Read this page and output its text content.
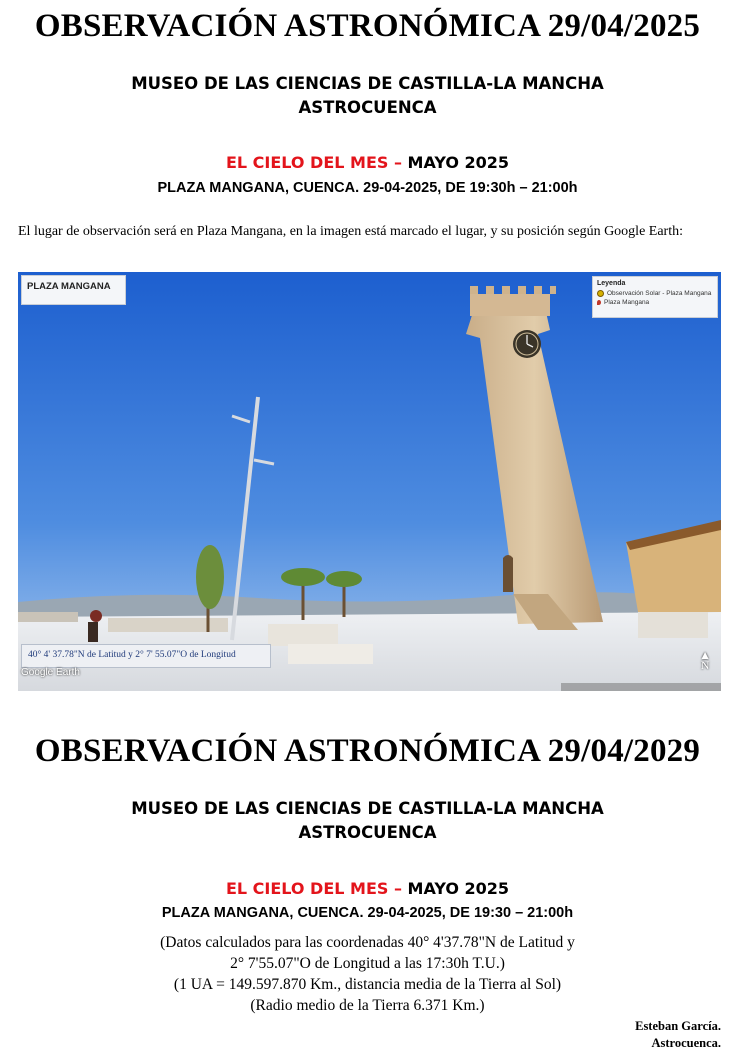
OBSERVACIÓN ASTRONÓMICA 29/04/2025
MUSEO DE LAS CIENCIAS DE CASTILLA-LA MANCHA
ASTROCUENCA
EL CIELO DEL MES – MAYO 2025
PLAZA MANGANA, CUENCA. 29-04-2025, DE 19:30h – 21:00h
El lugar de observación será en Plaza Mangana, en la imagen está marcado el lugar, y su posición según Google Earth:
PLAZA MANGANA	Leyenda
Observación Solar - Plaza Mangana
Plaza Mangana
40° 4' 37.78"N de Latitud y 2° 7' 55.07"O de Longitud
Google Earth
▲
N
OBSERVACIÓN ASTRONÓMICA 29/04/2029
MUSEO DE LAS CIENCIAS DE CASTILLA-LA MANCHA
ASTROCUENCA
EL CIELO DEL MES – MAYO 2025
PLAZA MANGANA, CUENCA. 29-04-2025, DE 19:30 – 21:00h
(Datos calculados para las coordenadas 40° 4'37.78"N de Latitud y
2° 7'55.07"O de Longitud a las 17:30h T.U.)
(1 UA = 149.597.870 Km., distancia media de la Tierra al Sol)
(Radio medio de la Tierra 6.371 Km.)
Esteban García.
Astrocuenca.
